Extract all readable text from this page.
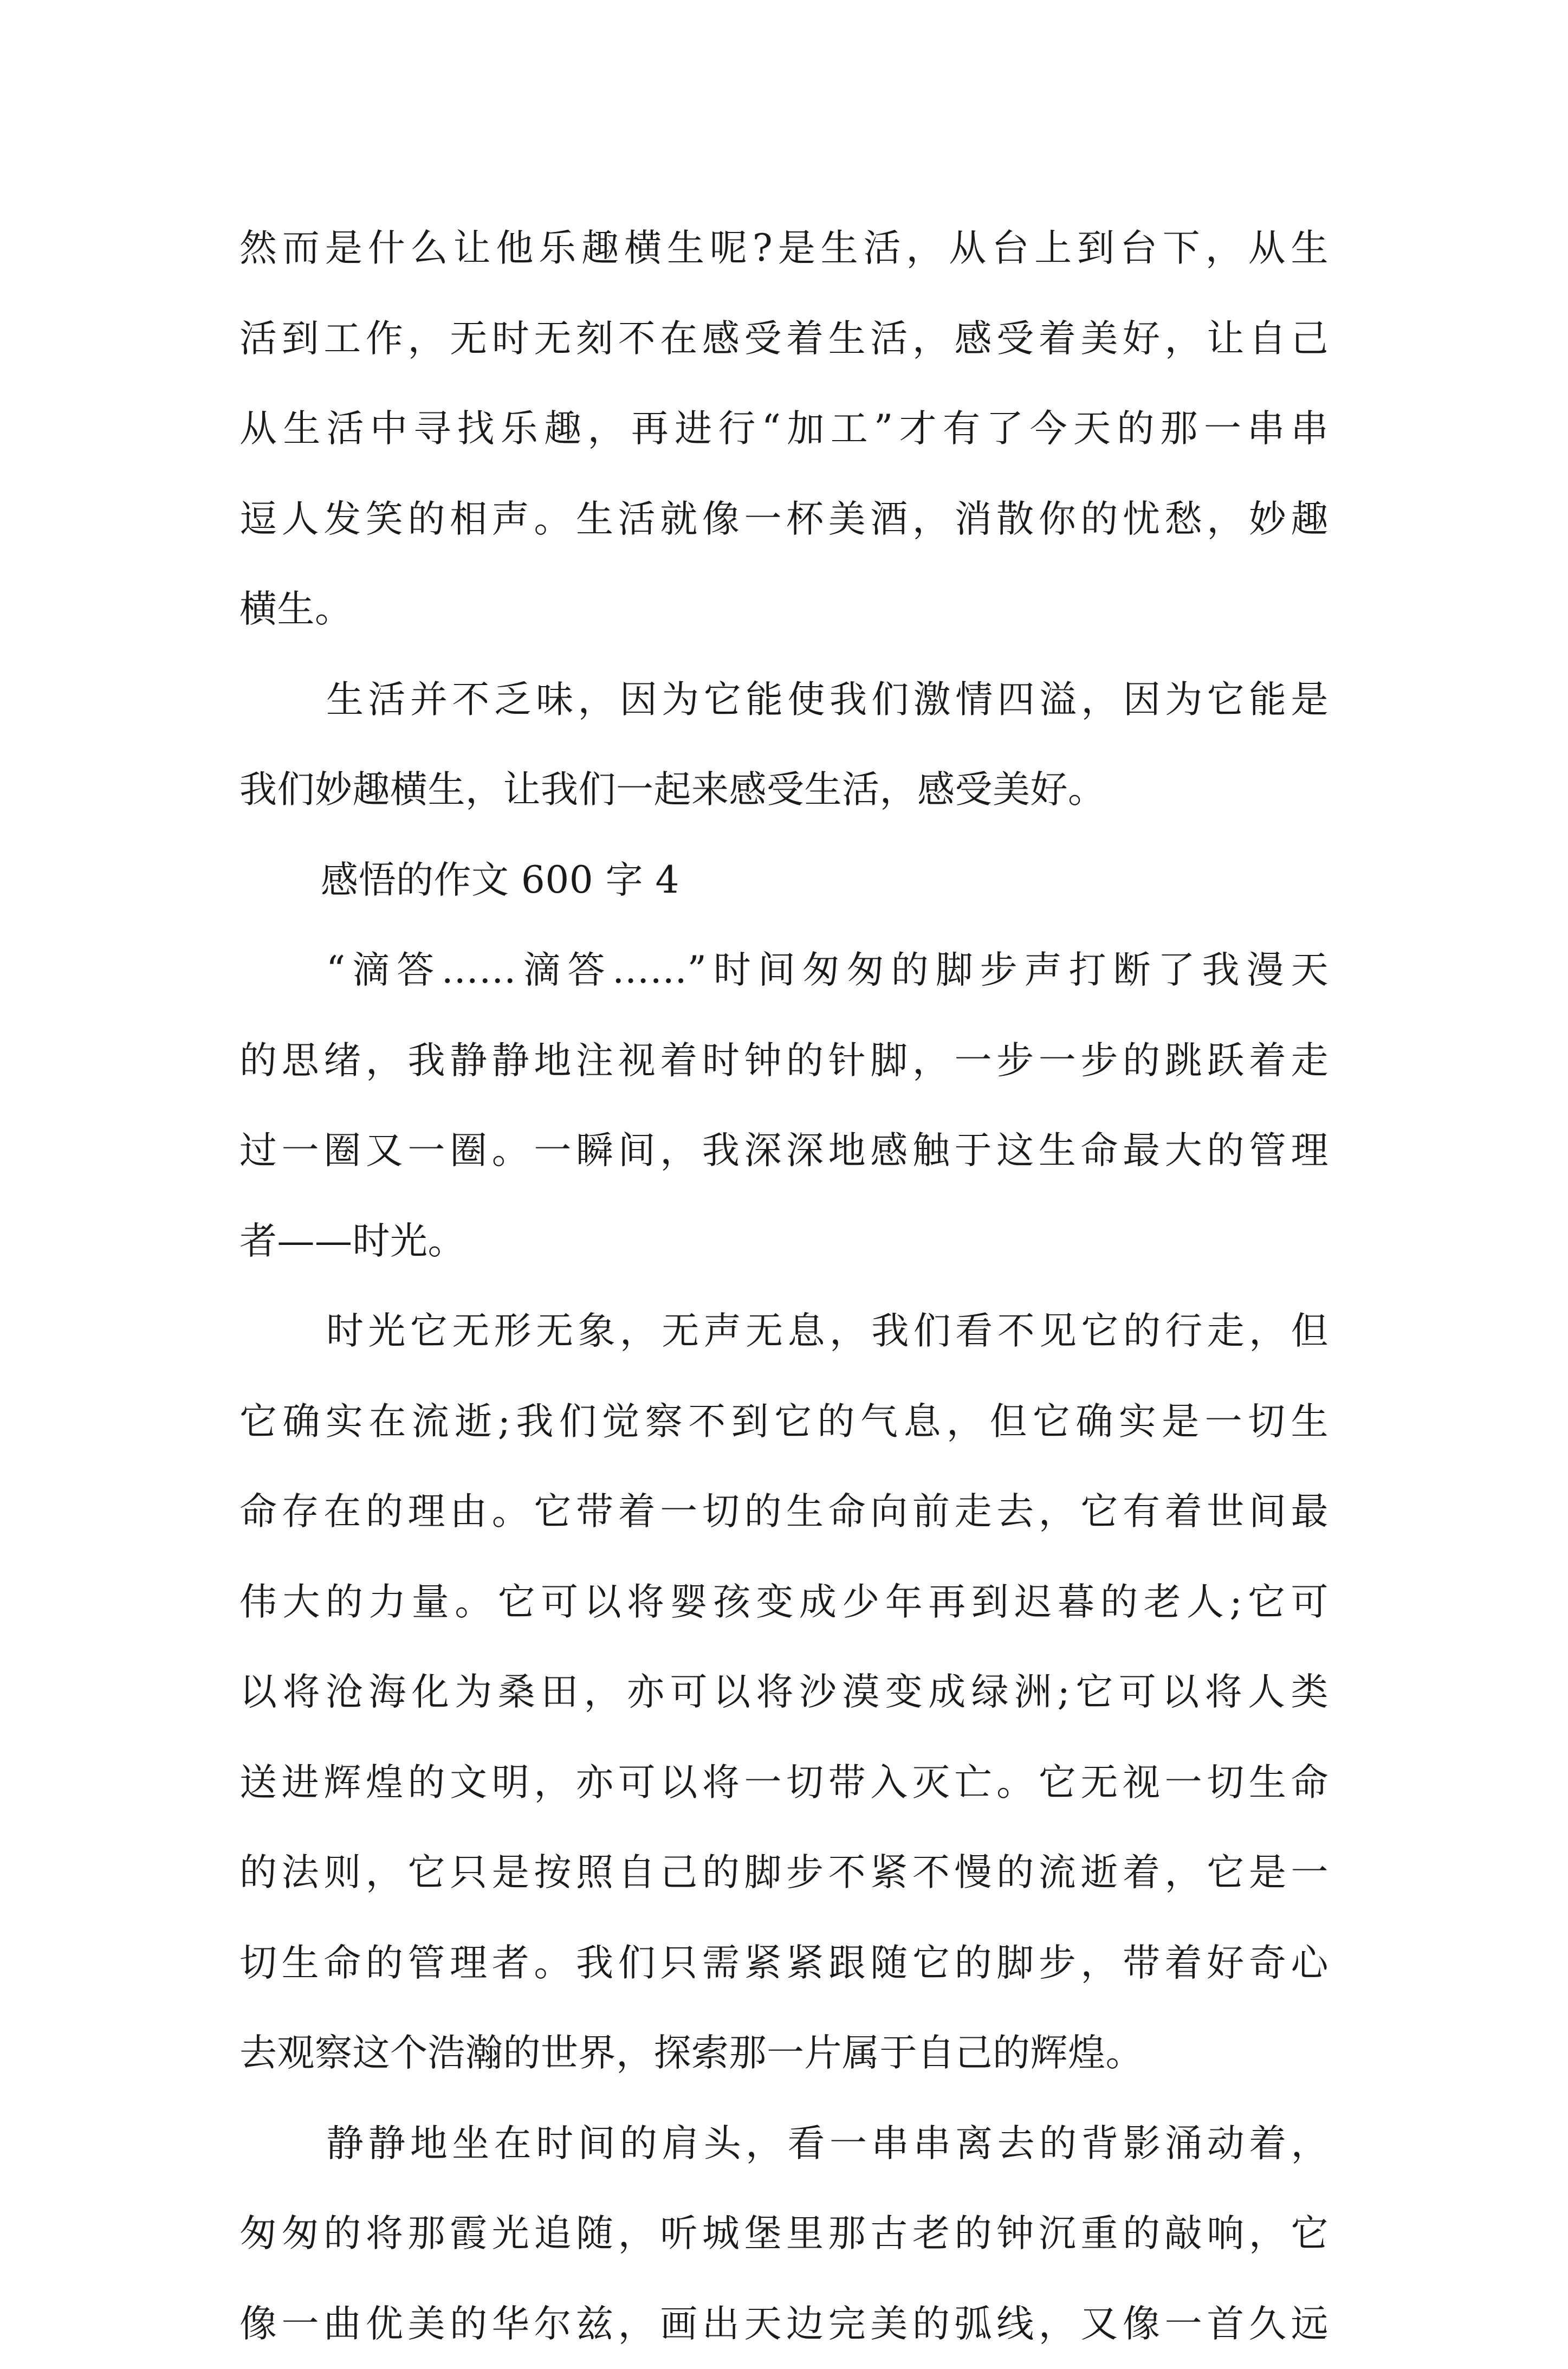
然而是什么让他乐趣横生呢?是生活，从台上到台下，从生
活到工作，无时无刻不在感受着生活，感受着美好，让自己
从生活中寻找乐趣，再进行“加工”才有了今天的那一串串
逗人发笑的相声。生活就像一杯美酒，消散你的忧愁，妙趣
横生。
生活并不乏味，因为它能使我们激情四溢，因为它能是
我们妙趣横生，让我们一起来感受生活，感受美好。
感悟的作文 600 字 4
“滴答……滴答……”时间匆匆的脚步声打断了我漫天
的思绪，我静静地注视着时钟的针脚，一步一步的跳跃着走
过一圈又一圈。一瞬间，我深深地感触于这生命最大的管理
者——时光。
时光它无形无象，无声无息，我们看不见它的行走，但
它确实在流逝;我们觉察不到它的气息，但它确实是一切生
命存在的理由。它带着一切的生命向前走去，它有着世间最
伟大的力量。它可以将婴孩变成少年再到迟暮的老人;它可
以将沧海化为桑田，亦可以将沙漠变成绿洲;它可以将人类
送进辉煌的文明，亦可以将一切带入灭亡。它无视一切生命
的法则，它只是按照自己的脚步不紧不慢的流逝着，它是一
切生命的管理者。我们只需紧紧跟随它的脚步，带着好奇心
去观察这个浩瀚的世界，探索那一片属于自己的辉煌。
静静地坐在时间的肩头，看一串串离去的背影涌动着，
匆匆的将那霞光追随，听城堡里那古老的钟沉重的敲响，它
像一曲优美的华尔兹，画出天边完美的弧线，又像一首久远
